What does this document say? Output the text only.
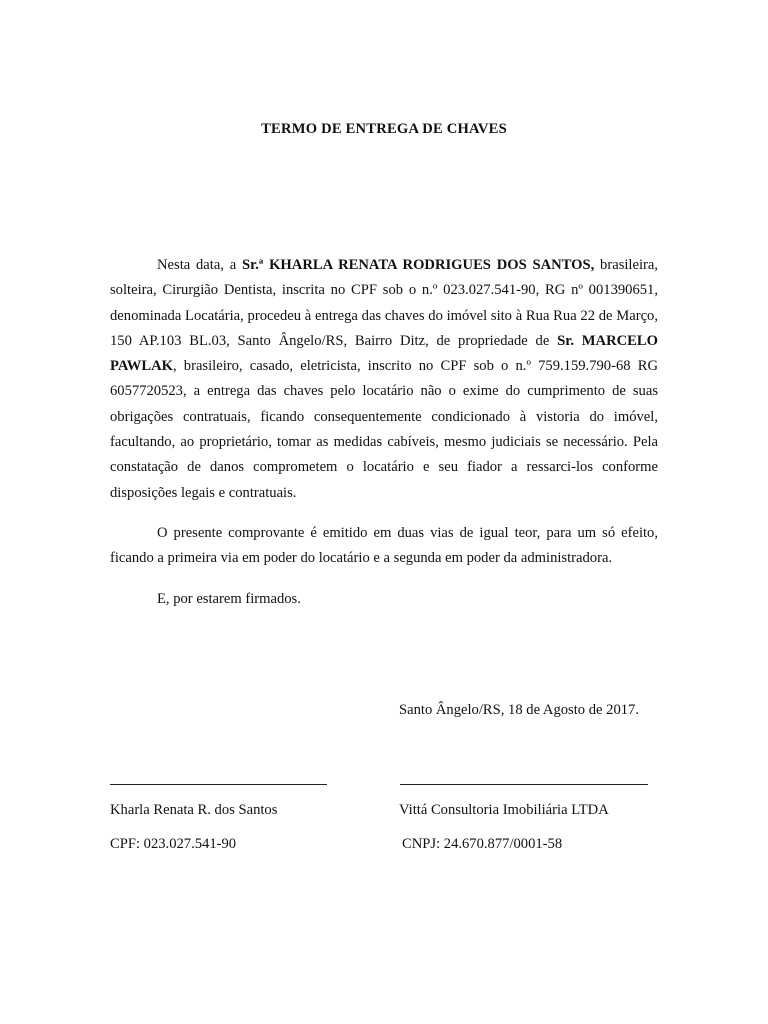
TERMO DE ENTREGA DE CHAVES

Nesta data, a Sr.ª KHARLA RENATA RODRIGUES DOS SANTOS, brasileira, solteira, Cirurgião Dentista, inscrita no CPF sob o n.º 023.027.541-90, RG nº 001390651, denominada Locatária, procedeu à entrega das chaves do imóvel sito à Rua Rua 22 de Março, 150 AP.103 BL.03, Santo Ângelo/RS, Bairro Ditz, de propriedade de Sr. MARCELO PAWLAK, brasileiro, casado, eletricista, inscrito no CPF sob o n.º 759.159.790-68 RG 6057720523, a entrega das chaves pelo locatário não o exime do cumprimento de suas obrigações contratuais, ficando consequentemente condicionado à vistoria do imóvel, facultando, ao proprietário, tomar as medidas cabíveis, mesmo judiciais se necessário. Pela constatação de danos comprometem o locatário e seu fiador a ressarci-los conforme disposições legais e contratuais.

O presente comprovante é emitido em duas vias de igual teor, para um só efeito, ficando a primeira via em poder do locatário e a segunda em poder da administradora.

E, por estarem firmados.

Santo Ângelo/RS, 18 de Agosto de 2017.
Kharla Renata R. dos Santos
CPF: 023.027.541-90
Vittá Consultoria Imobiliária LTDA
CNPJ: 24.670.877/0001-58
